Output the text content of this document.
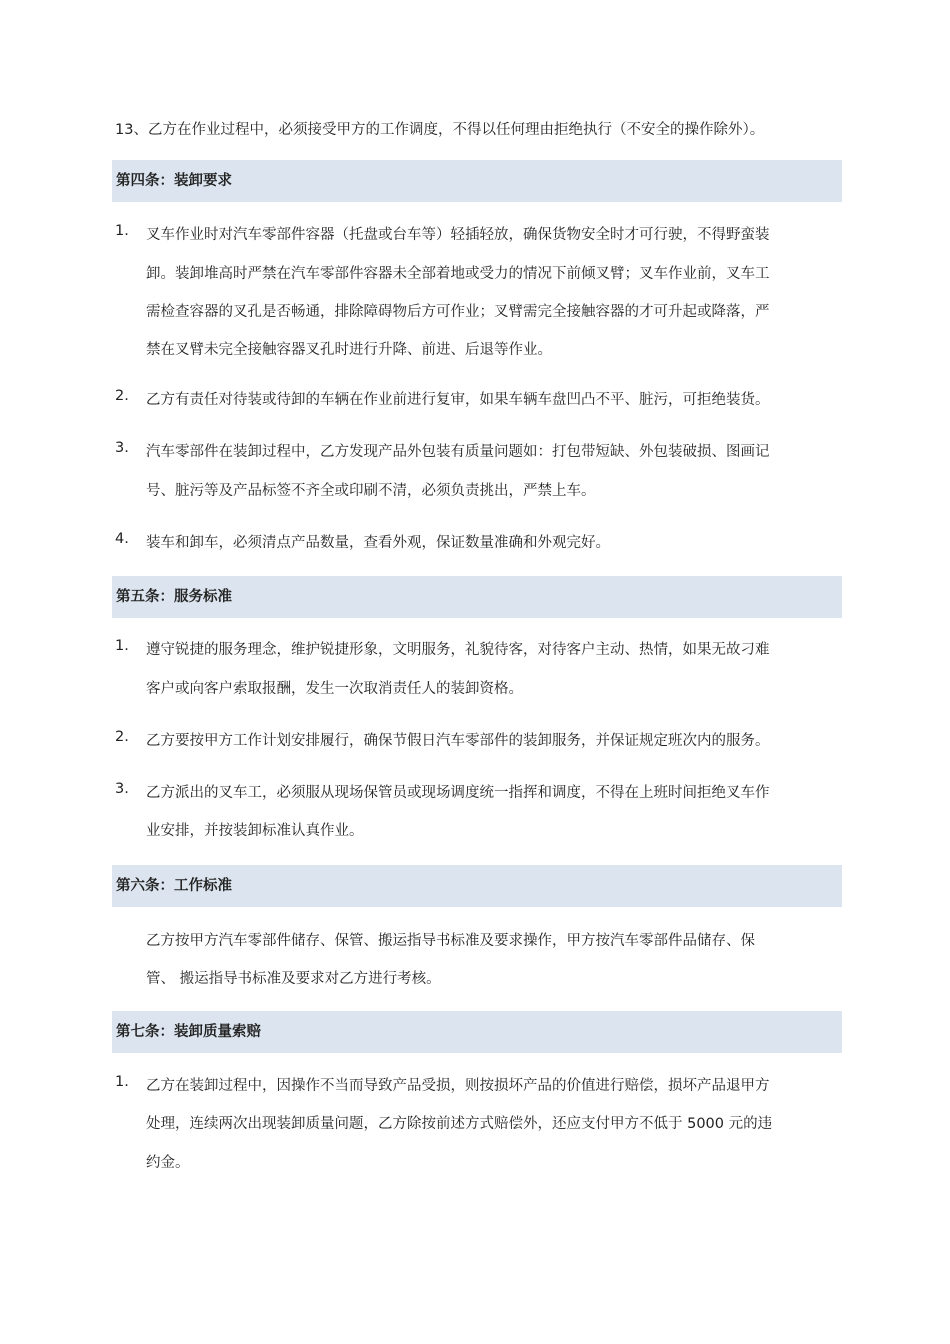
13、乙方在作业过程中，必须接受甲方的工作调度，不得以任何理由拒绝执行（不安全的操作除外）。
第四条：装卸要求
1. 叉车作业时对汽车零部件容器（托盘或台车等）轻插轻放，确保货物安全时才可行驶，不得野蛮装
卸。装卸堆高时严禁在汽车零部件容器未全部着地或受力的情况下前倾叉臂；叉车作业前，叉车工
需检查容器的叉孔是否畅通，排除障碍物后方可作业；叉臂需完全接触容器的才可升起或降落，严
禁在叉臂未完全接触容器叉孔时进行升降、前进、后退等作业。
2. 乙方有责任对待装或待卸的车辆在作业前进行复审，如果车辆车盘凹凸不平、脏污，可拒绝装货。
3. 汽车零部件在装卸过程中，乙方发现产品外包装有质量问题如：打包带短缺、外包装破损、图画记
号、脏污等及产品标签不齐全或印刷不清，必须负责挑出，严禁上车。
4. 装车和卸车，必须清点产品数量，查看外观，保证数量准确和外观完好。
第五条：服务标准
1. 遵守锐捷的服务理念，维护锐捷形象，文明服务，礼貌待客，对待客户主动、热情，如果无故刁难
客户或向客户索取报酬，发生一次取消责任人的装卸资格。
2. 乙方要按甲方工作计划安排履行，确保节假日汽车零部件的装卸服务，并保证规定班次内的服务。
3. 乙方派出的叉车工，必须服从现场保管员或现场调度统一指挥和调度，不得在上班时间拒绝叉车作
业安排，并按装卸标准认真作业。
第六条：工作标准
乙方按甲方汽车零部件储存、保管、搬运指导书标准及要求操作，甲方按汽车零部件品储存、保
管、 搬运指导书标准及要求对乙方进行考核。
第七条：装卸质量索赔
1. 乙方在装卸过程中，因操作不当而导致产品受损，则按损坏产品的价值进行赔偿，损坏产品退甲方
处理，连续两次出现装卸质量问题，乙方除按前述方式赔偿外，还应支付甲方不低于 5000 元的违
约金。
